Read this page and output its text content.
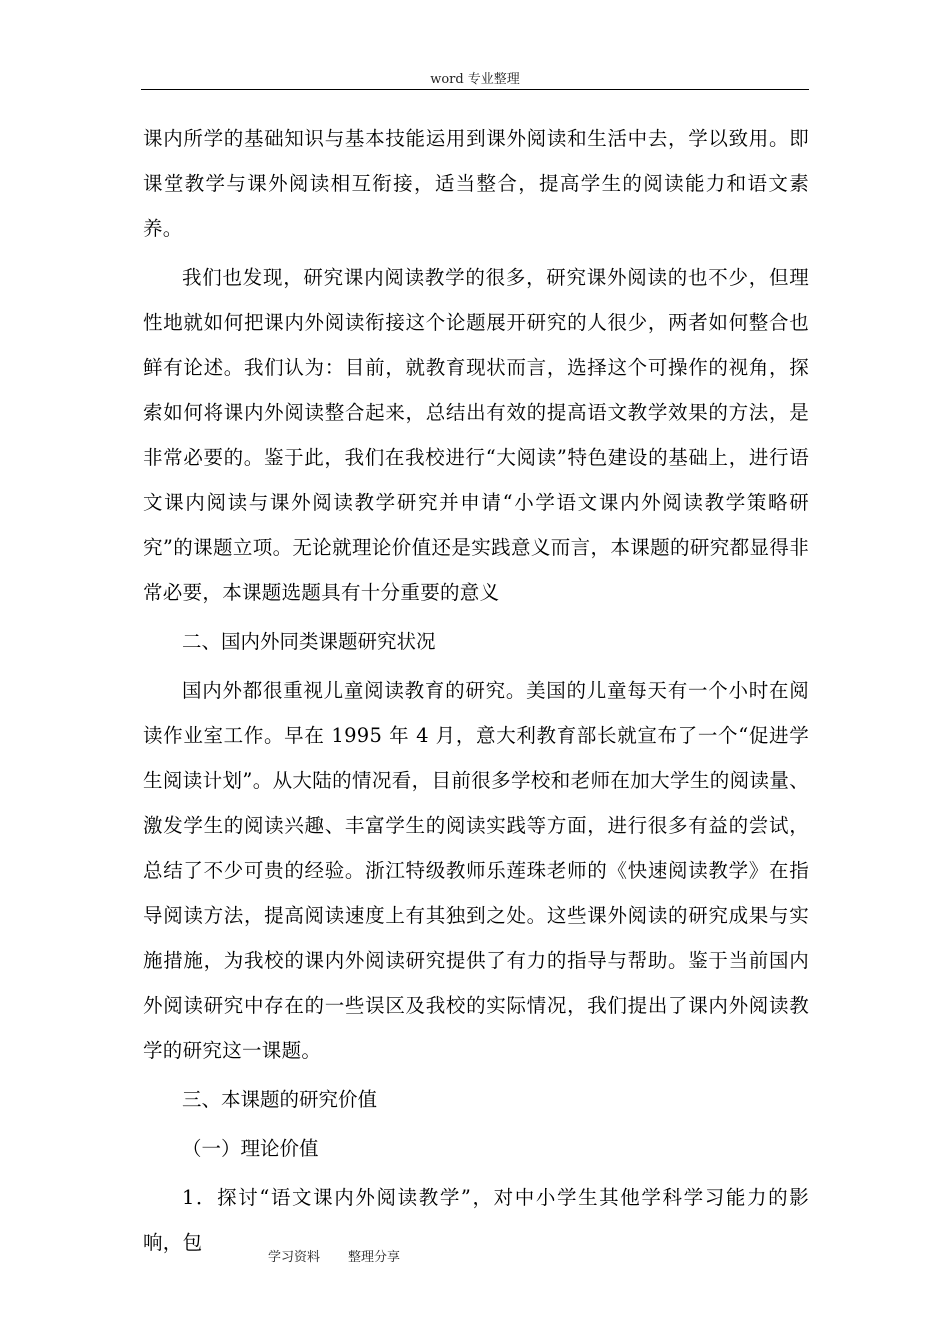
word 专业整理

课内所学的基础知识与基本技能运用到课外阅读和生活中去，学以致用。即课堂教学与课外阅读相互衔接，适当整合，提高学生的阅读能力和语文素养。

我们也发现，研究课内阅读教学的很多，研究课外阅读的也不少，但理性地就如何把课内外阅读衔接这个论题展开研究的人很少，两者如何整合也鲜有论述。我们认为：目前，就教育现状而言，选择这个可操作的视角，探索如何将课内外阅读整合起来，总结出有效的提高语文教学效果的方法，是非常必要的。鉴于此，我们在我校进行“大阅读”特色建设的基础上，进行语文课内阅读与课外阅读教学研究并申请“小学语文课内外阅读教学策略研究”的课题立项。无论就理论价值还是实践意义而言，本课题的研究都显得非常必要，本课题选题具有十分重要的意义

二、国内外同类课题研究状况

国内外都很重视儿童阅读教育的研究。美国的儿童每天有一个小时在阅读作业室工作。早在 1995 年 4 月，意大利教育部长就宣布了一个“促进学生阅读计划”。从大陆的情况看，目前很多学校和老师在加大学生的阅读量、激发学生的阅读兴趣、丰富学生的阅读实践等方面，进行很多有益的尝试，总结了不少可贵的经验。浙江特级教师乐莲珠老师的《快速阅读教学》在指导阅读方法，提高阅读速度上有其独到之处。这些课外阅读的研究成果与实施措施，为我校的课内外阅读研究提供了有力的指导与帮助。鉴于当前国内外阅读研究中存在的一些误区及我校的实际情况，我们提出了课内外阅读教学的研究这一课题。

三、本课题的研究价值

（一）理论价值

1．探讨“语文课内外阅读教学”，对中小学生其他学科学习能力的影响，包

学习资料 整理分享
